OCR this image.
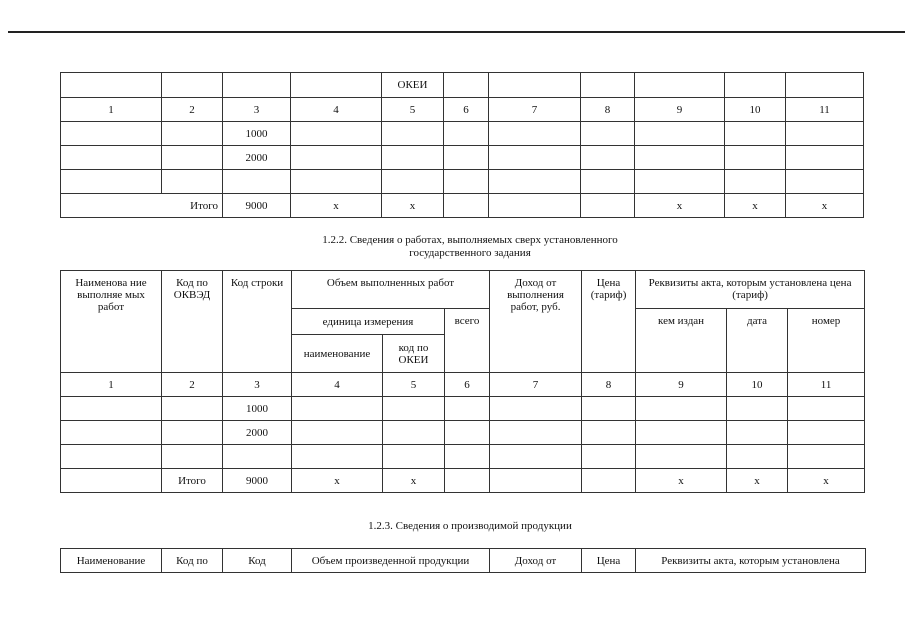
				ОКЕИ						
1	2	3	4	5	6	7	8	9	10	11
		1000								
		2000								

Итого		9000	x	x				x	x	x
1.2.2. Сведения о работах, выполняемых сверх установленного
государственного задания
Наименова ние выполняе мых работ	Код по ОКВЭД	Код строки	Объем выполненных работ			Доход от выполнения работ, руб.	Цена (тариф)	Реквизиты акта, которым установлена цена (тариф)		
			единица измерения		всего			кем издан	дата	номер
			наименование	код по ОКЕИ						
1	2	3	4	5	6	7	8	9	10	11
		1000								
		2000								

	Итого	9000	x	x				x	x	x
1.2.3. Сведения о производимой продукции
Наименование	Код по	Код	Объем произведенной продукции	Доход от	Цена	Реквизиты акта, которым установлена
